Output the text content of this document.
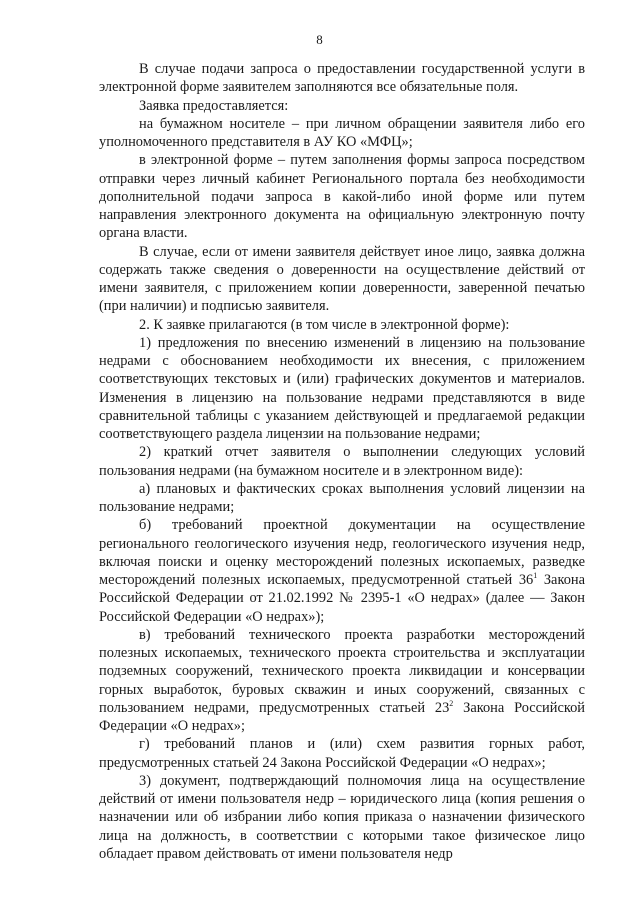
8

В случае подачи запроса о предоставлении государственной услуги в электронной форме заявителем заполняются все обязательные поля.

Заявка предоставляется:

на бумажном носителе – при личном обращении заявителя либо его уполномоченного представителя в АУ КО «МФЦ»;

в электронной форме – путем заполнения формы запроса посредством отправки через личный кабинет Регионального портала без необходимости дополнительной подачи запроса в какой-либо иной форме или путем направления электронного документа на официальную электронную почту органа власти.

В случае, если от имени заявителя действует иное лицо, заявка должна содержать также сведения о доверенности на осуществление действий от имени заявителя, с приложением копии доверенности, заверенной печатью (при наличии) и подписью заявителя.

2. К заявке прилагаются (в том числе в электронной форме):

1) предложения по внесению изменений в лицензию на пользование недрами с обоснованием необходимости их внесения, с приложением соответствующих текстовых и (или) графических документов и материалов. Изменения в лицензию на пользование недрами представляются в виде сравнительной таблицы с указанием действующей и предлагаемой редакции соответствующего раздела лицензии на пользование недрами;

2) краткий отчет заявителя о выполнении следующих условий пользования недрами (на бумажном носителе и в электронном виде):

а) плановых и фактических сроках выполнения условий лицензии на пользование недрами;

б) требований проектной документации на осуществление регионального геологического изучения недр, геологического изучения недр, включая поиски и оценку месторождений полезных ископаемых, разведке месторождений полезных ископаемых, предусмотренной статьей $36^1$ Закона Российской Федерации от 21.02.1992 № 2395-1 «О недрах» (далее — Закон Российской Федерации «О недрах»);

в) требований технического проекта разработки месторождений полезных ископаемых, технического проекта строительства и эксплуатации подземных сооружений, технического проекта ликвидации и консервации горных выработок, буровых скважин и иных сооружений, связанных с пользованием недрами, предусмотренных статьей $23^2$ Закона Российской Федерации «О недрах»;

г) требований планов и (или) схем развития горных работ, предусмотренных статьей 24 Закона Российской Федерации «О недрах»;

3) документ, подтверждающий полномочия лица на осуществление действий от имени пользователя недр – юридического лица (копия решения о назначении или об избрании либо копия приказа о назначении физического лица на должность, в соответствии с которыми такое физическое лицо обладает правом действовать от имени пользователя недр
